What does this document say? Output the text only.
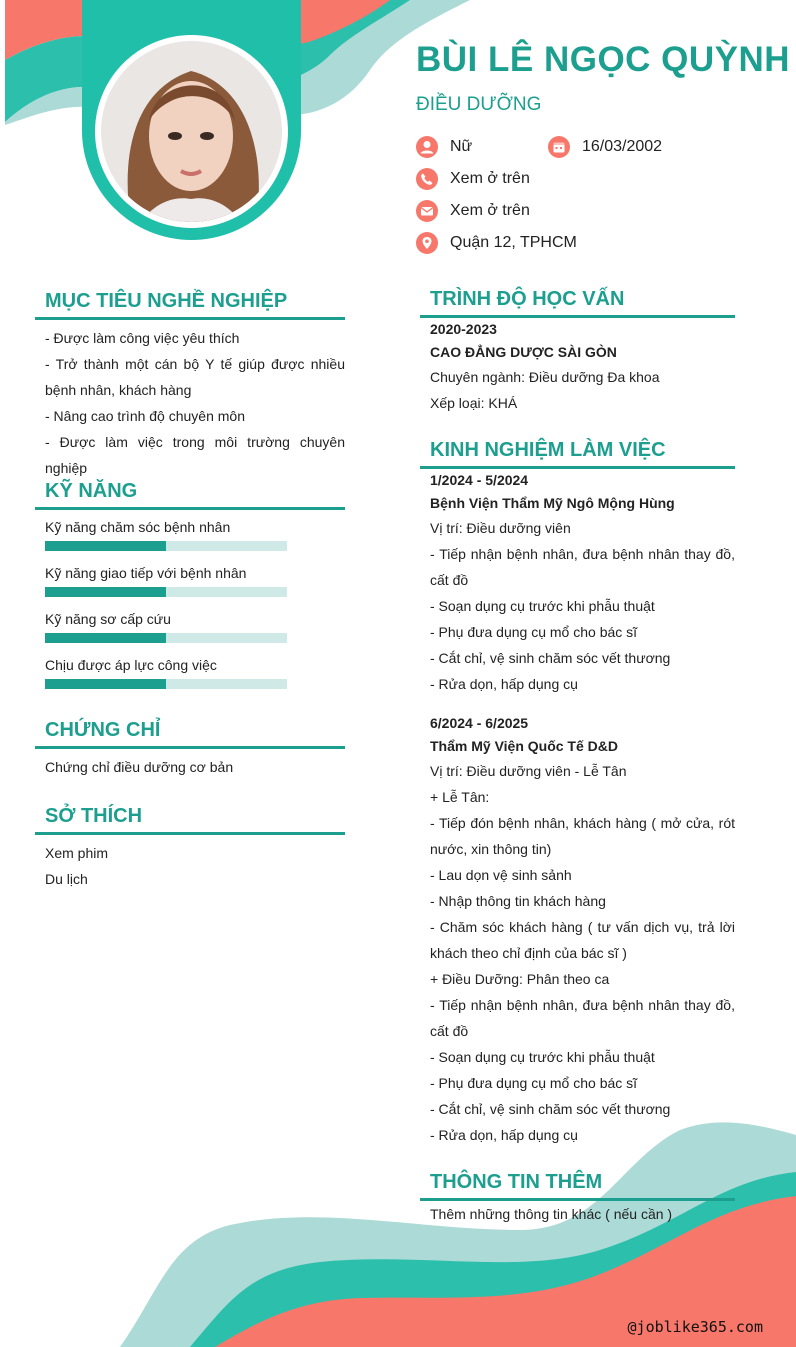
BÙI LÊ NGỌC QUỲNH
ĐIỀU DƯỠNG
Nữ	16/03/2002
Xem ở trên
Xem ở trên
Quận 12, TPHCM
MỤC TIÊU NGHỀ NGHIỆP
- Được làm công việc yêu thích
- Trở thành một cán bộ Y tế giúp được nhiều bệnh nhân, khách hàng
- Nâng cao trình độ chuyên môn
- Được làm việc trong môi trường chuyên nghiệp
KỸ NĂNG
Kỹ năng chăm sóc bệnh nhân
Kỹ năng giao tiếp với bệnh nhân
Kỹ năng sơ cấp cứu
Chịu được áp lực công việc
CHỨNG CHỈ
Chứng chỉ điều dưỡng cơ bản
SỞ THÍCH
Xem phim
Du lịch
TRÌNH ĐỘ HỌC VẤN
2020-2023
CAO ĐẲNG DƯỢC SÀI GÒN
Chuyên ngành: Điều dưỡng Đa khoa
Xếp loại: KHÁ
KINH NGHIỆM LÀM VIỆC
1/2024 - 5/2024
Bệnh Viện Thẩm Mỹ Ngô Mộng Hùng
Vị trí: Điều dưỡng viên
- Tiếp nhận bệnh nhân, đưa bệnh nhân thay đồ, cất đồ
- Soạn dụng cụ trước khi phẫu thuật
- Phụ đưa dụng cụ mổ cho bác sĩ
- Cắt chỉ, vệ sinh chăm sóc vết thương
- Rửa dọn, hấp dụng cụ
6/2024 - 6/2025
Thẩm Mỹ Viện Quốc Tế D&D
Vị trí: Điều dưỡng viên - Lễ Tân
+ Lễ Tân:
- Tiếp đón bệnh nhân, khách hàng ( mở cửa, rót nước, xin thông tin)
- Lau dọn vệ sinh sảnh
- Nhập thông tin khách hàng
- Chăm sóc khách hàng ( tư vấn dịch vụ, trả lời khách theo chỉ định của bác sĩ )
+ Điều Dưỡng: Phân theo ca
- Tiếp nhận bệnh nhân, đưa bệnh nhân thay đồ, cất đồ
- Soạn dụng cụ trước khi phẫu thuật
- Phụ đưa dụng cụ mổ cho bác sĩ
- Cắt chỉ, vệ sinh chăm sóc vết thương
- Rửa dọn, hấp dụng cụ
THÔNG TIN THÊM
Thêm những thông tin khác ( nếu cần )
@joblike365.com
